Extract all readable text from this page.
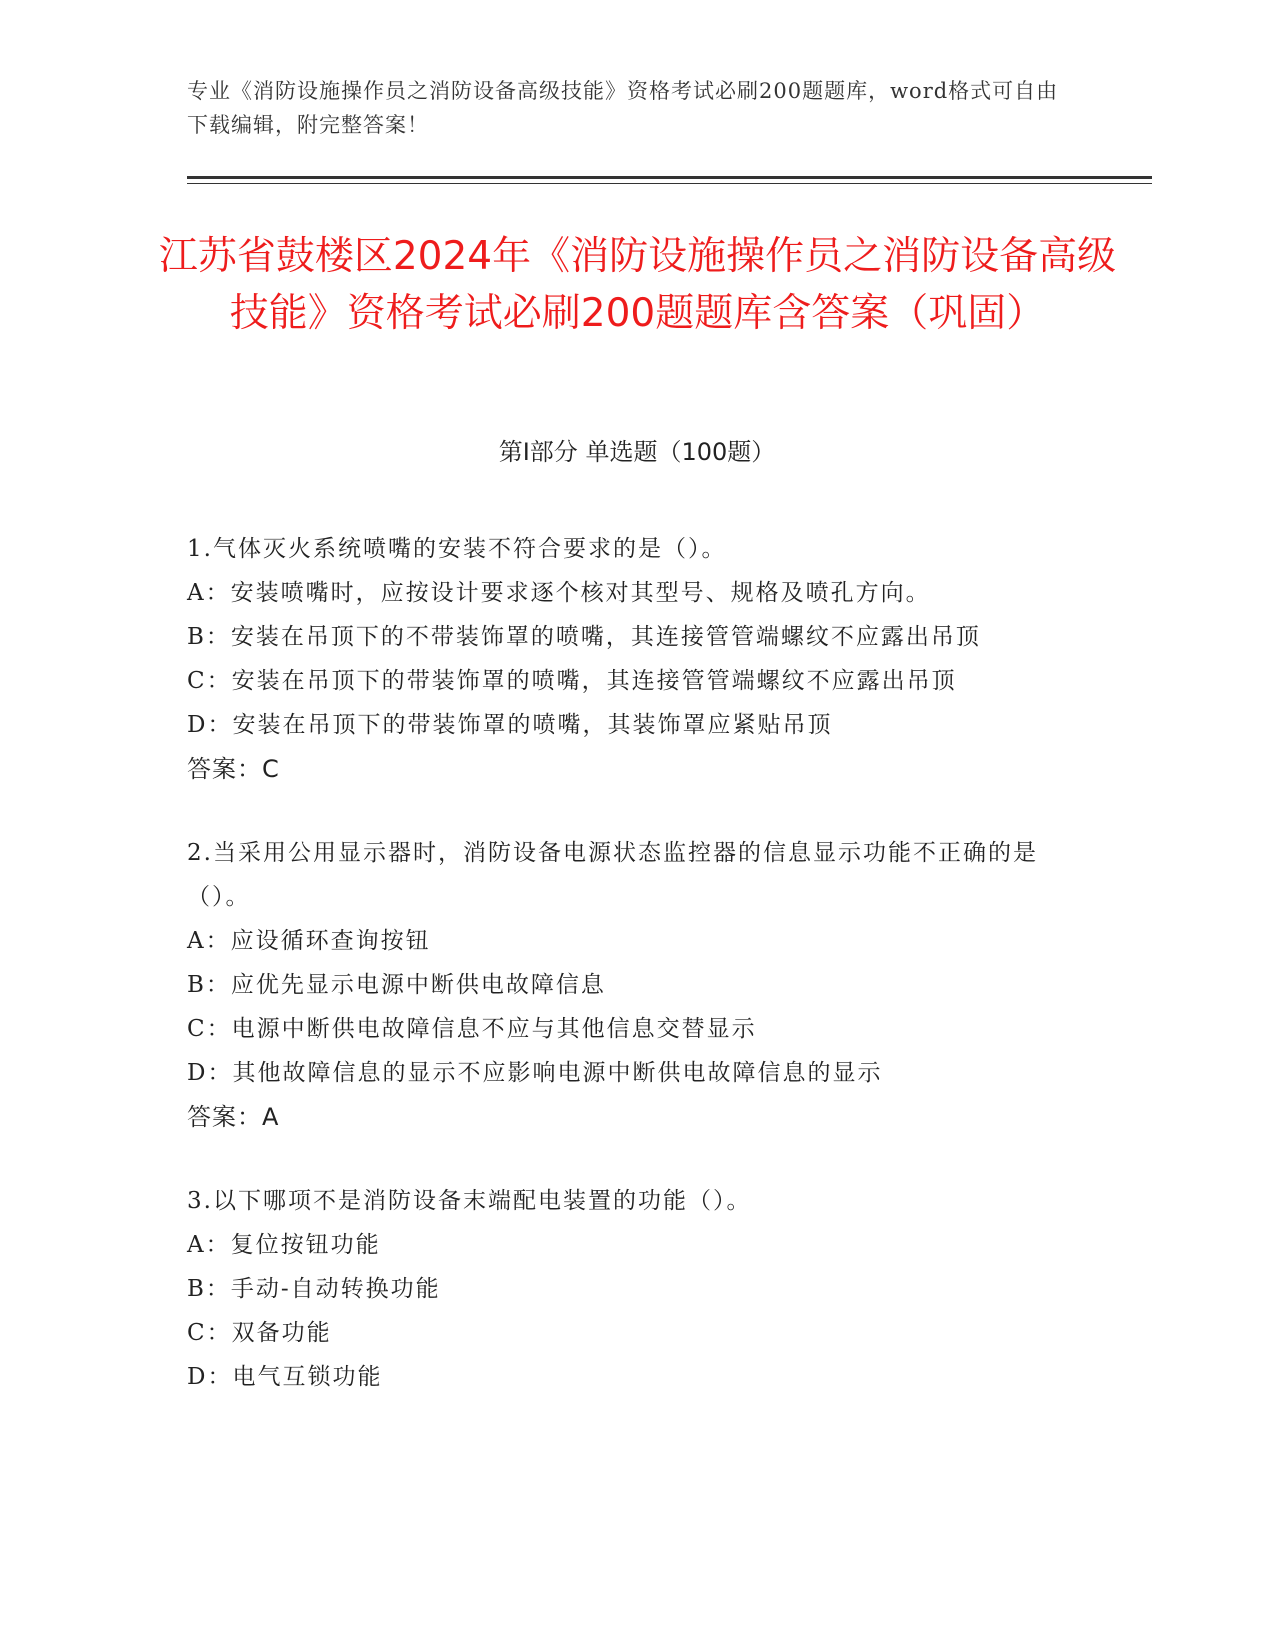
专业《消防设施操作员之消防设备高级技能》资格考试必刷200题题库，word格式可自由下载编辑，附完整答案！
江苏省鼓楼区2024年《消防设施操作员之消防设备高级技能》资格考试必刷200题题库含答案（巩固）
第I部分 单选题（100题）
1.气体灭火系统喷嘴的安装不符合要求的是（）。
A：安装喷嘴时，应按设计要求逐个核对其型号、规格及喷孔方向。
B：安装在吊顶下的不带装饰罩的喷嘴，其连接管管端螺纹不应露出吊顶
C：安装在吊顶下的带装饰罩的喷嘴，其连接管管端螺纹不应露出吊顶
D：安装在吊顶下的带装饰罩的喷嘴，其装饰罩应紧贴吊顶
答案：C
2.当采用公用显示器时，消防设备电源状态监控器的信息显示功能不正确的是（）。
A：应设循环查询按钮
B：应优先显示电源中断供电故障信息
C：电源中断供电故障信息不应与其他信息交替显示
D：其他故障信息的显示不应影响电源中断供电故障信息的显示
答案：A
3.以下哪项不是消防设备末端配电装置的功能（）。
A：复位按钮功能
B：手动-自动转换功能
C：双备功能
D：电气互锁功能
